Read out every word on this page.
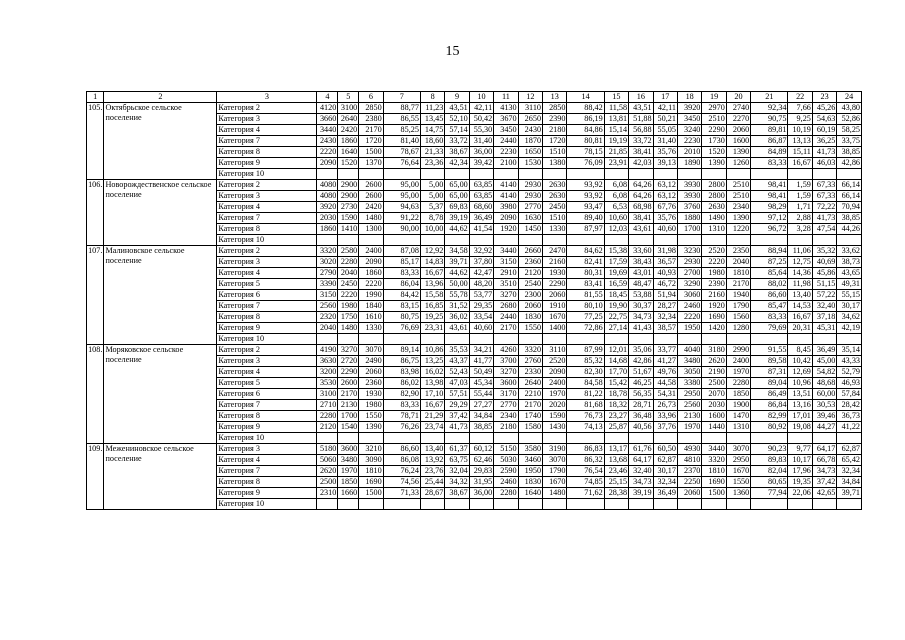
15
1	2	3	4	5	6	7	8	9	10	11	12	13	14	15	16	17	18	19	20	21	22	23	24
105.	Октябрьское сельское поселение	Категория 2	4120	3100	2850	88,77	11,23	43,51	42,11	4130	3110	2850	88,42	11,58	43,51	42,11	3920	2970	2740	92,34	7,66	45,26	43,80
		Категория 3	3660	2640	2380	86,55	13,45	52,10	50,42	3670	2650	2390	86,19	13,81	51,88	50,21	3450	2510	2270	90,75	9,25	54,63	52,86
		Категория 4	3440	2420	2170	85,25	14,75	57,14	55,30	3450	2430	2180	84,86	15,14	56,88	55,05	3240	2290	2060	89,81	10,19	60,19	58,25
		Категория 7	2430	1860	1720	81,40	18,60	33,72	31,40	2440	1870	1720	80,81	19,19	33,72	31,40	2230	1730	1600	86,87	13,13	36,25	33,75
		Категория 8	2220	1640	1500	78,67	21,33	38,67	36,00	2230	1650	1510	78,15	21,85	38,41	35,76	2010	1520	1390	84,89	15,11	41,73	38,85
		Категория 9	2090	1520	1370	76,64	23,36	42,34	39,42	2100	1530	1380	76,09	23,91	42,03	39,13	1890	1390	1260	83,33	16,67	46,03	42,86
		Категория 10																					
106.	Новорождественское сельское поселение	Категория 2	4080	2900	2600	95,00	5,00	65,00	63,85	4140	2930	2630	93,92	6,08	64,26	63,12	3930	2800	2510	98,41	1,59	67,33	66,14
		Категория 3	4080	2900	2600	95,00	5,00	65,00	63,85	4140	2930	2630	93,92	6,08	64,26	63,12	3930	2800	2510	98,41	1,59	67,33	66,14
		Категория 4	3920	2730	2420	94,63	5,37	69,83	68,60	3980	2770	2450	93,47	6,53	68,98	67,76	3760	2630	2340	98,29	1,71	72,22	70,94
		Категория 7	2030	1590	1480	91,22	8,78	39,19	36,49	2090	1630	1510	89,40	10,60	38,41	35,76	1880	1490	1390	97,12	2,88	41,73	38,85
		Категория 8	1860	1410	1300	90,00	10,00	44,62	41,54	1920	1450	1330	87,97	12,03	43,61	40,60	1700	1310	1220	96,72	3,28	47,54	44,26
		Категория 10																					
107.	Малиновское сельское поселение	Категория 2	3320	2580	2400	87,08	12,92	34,58	32,92	3440	2660	2470	84,62	15,38	33,60	31,98	3230	2520	2350	88,94	11,06	35,32	33,62
		Категория 3	3020	2280	2090	85,17	14,83	39,71	37,80	3150	2360	2160	82,41	17,59	38,43	36,57	2930	2220	2040	87,25	12,75	40,69	38,73
		Категория 4	2790	2040	1860	83,33	16,67	44,62	42,47	2910	2120	1930	80,31	19,69	43,01	40,93	2700	1980	1810	85,64	14,36	45,86	43,65
		Категория 5	3390	2450	2220	86,04	13,96	50,00	48,20	3510	2540	2290	83,41	16,59	48,47	46,72	3290	2390	2170	88,02	11,98	51,15	49,31
		Категория 6	3150	2220	1990	84,42	15,58	55,78	53,77	3270	2300	2060	81,55	18,45	53,88	51,94	3060	2160	1940	86,60	13,40	57,22	55,15
		Категория 7	2560	1980	1840	83,15	16,85	31,52	29,35	2680	2060	1910	80,10	19,90	30,37	28,27	2460	1920	1790	85,47	14,53	32,40	30,17
		Категория 8	2320	1750	1610	80,75	19,25	36,02	33,54	2440	1830	1670	77,25	22,75	34,73	32,34	2220	1690	1560	83,33	16,67	37,18	34,62
		Категория 9	2040	1480	1330	76,69	23,31	43,61	40,60	2170	1550	1400	72,86	27,14	41,43	38,57	1950	1420	1280	79,69	20,31	45,31	42,19
		Категория 10																					
108.	Моряковское сельское поселение	Категория 2	4190	3270	3070	89,14	10,86	35,53	34,21	4260	3320	3110	87,99	12,01	35,06	33,77	4040	3180	2990	91,55	8,45	36,49	35,14
		Категория 3	3630	2720	2490	86,75	13,25	43,37	41,77	3700	2760	2520	85,32	14,68	42,86	41,27	3480	2620	2400	89,58	10,42	45,00	43,33
		Категория 4	3200	2290	2060	83,98	16,02	52,43	50,49	3270	2330	2090	82,30	17,70	51,67	49,76	3050	2190	1970	87,31	12,69	54,82	52,79
		Категория 5	3530	2600	2360	86,02	13,98	47,03	45,34	3600	2640	2400	84,58	15,42	46,25	44,58	3380	2500	2280	89,04	10,96	48,68	46,93
		Категория 6	3100	2170	1930	82,90	17,10	57,51	55,44	3170	2210	1970	81,22	18,78	56,35	54,31	2950	2070	1850	86,49	13,51	60,00	57,84
		Категория 7	2710	2130	1980	83,33	16,67	29,29	27,27	2770	2170	2020	81,68	18,32	28,71	26,73	2560	2030	1900	86,84	13,16	30,53	28,42
		Категория 8	2280	1700	1550	78,71	21,29	37,42	34,84	2340	1740	1590	76,73	23,27	36,48	33,96	2130	1600	1470	82,99	17,01	39,46	36,73
		Категория 9	2120	1540	1390	76,26	23,74	41,73	38,85	2180	1580	1430	74,13	25,87	40,56	37,76	1970	1440	1310	80,92	19,08	44,27	41,22
		Категория 10																					
109.	Межениновское сельское поселение	Категория 3	5180	3600	3210	86,60	13,40	61,37	60,12	5150	3580	3190	86,83	13,17	61,76	60,50	4930	3440	3070	90,23	9,77	64,17	62,87
		Категория 4	5060	3480	3090	86,08	13,92	63,75	62,46	5030	3460	3070	86,32	13,68	64,17	62,87	4810	3320	2950	89,83	10,17	66,78	65,42
		Категория 7	2620	1970	1810	76,24	23,76	32,04	29,83	2590	1950	1790	76,54	23,46	32,40	30,17	2370	1810	1670	82,04	17,96	34,73	32,34
		Категория 8	2500	1850	1690	74,56	25,44	34,32	31,95	2460	1830	1670	74,85	25,15	34,73	32,34	2250	1690	1550	80,65	19,35	37,42	34,84
		Категория 9	2310	1660	1500	71,33	28,67	38,67	36,00	2280	1640	1480	71,62	28,38	39,19	36,49	2060	1500	1360	77,94	22,06	42,65	39,71
		Категория 10																					
